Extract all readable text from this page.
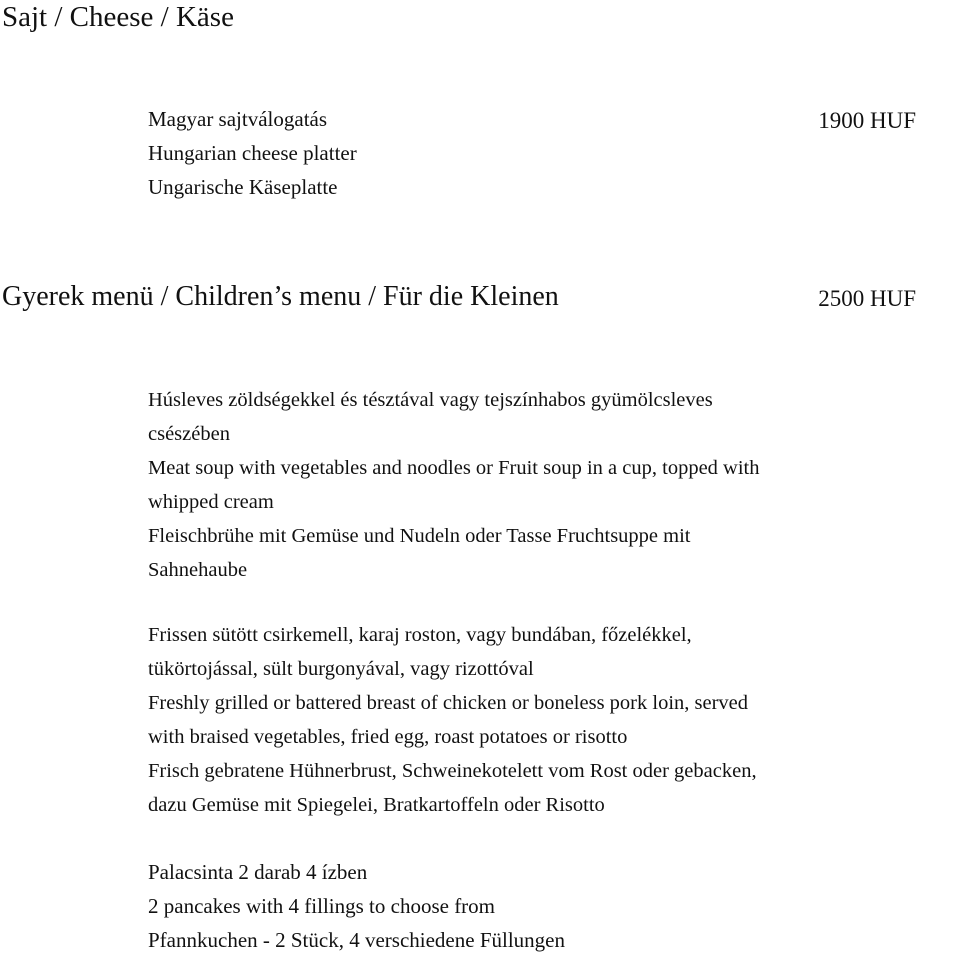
Sajt / Cheese / Käse
Magyar sajtválogatás
Hungarian cheese platter
Ungarische Käseplatte
1900 HUF
Gyerek menü / Children’s menu / Für die Kleinen	2500 HUF
Húsleves zöldségekkel és tésztával vagy tejszínhabos gyümölcsleves
csészében
Meat soup with vegetables and noodles or Fruit soup in a cup, topped with
whipped cream
Fleischbrühe mit Gemüse und Nudeln oder Tasse Fruchtsuppe mit
Sahnehaube
Frissen sütött csirkemell, karaj roston, vagy bundában, főzelékkel,
tükörtojással, sült burgonyával, vagy rizottóval
Freshly grilled or battered breast of chicken or boneless pork loin, served
with braised vegetables, fried egg, roast potatoes or risotto
Frisch gebratene Hühnerbrust, Schweinekotelett vom Rost oder gebacken,
dazu Gemüse mit Spiegelei, Bratkartoffeln oder Risotto
Palacsinta 2 darab 4 ízben
2 pancakes with 4 fillings to choose from
Pfannkuchen - 2 Stück, 4 verschiedene Füllungen
